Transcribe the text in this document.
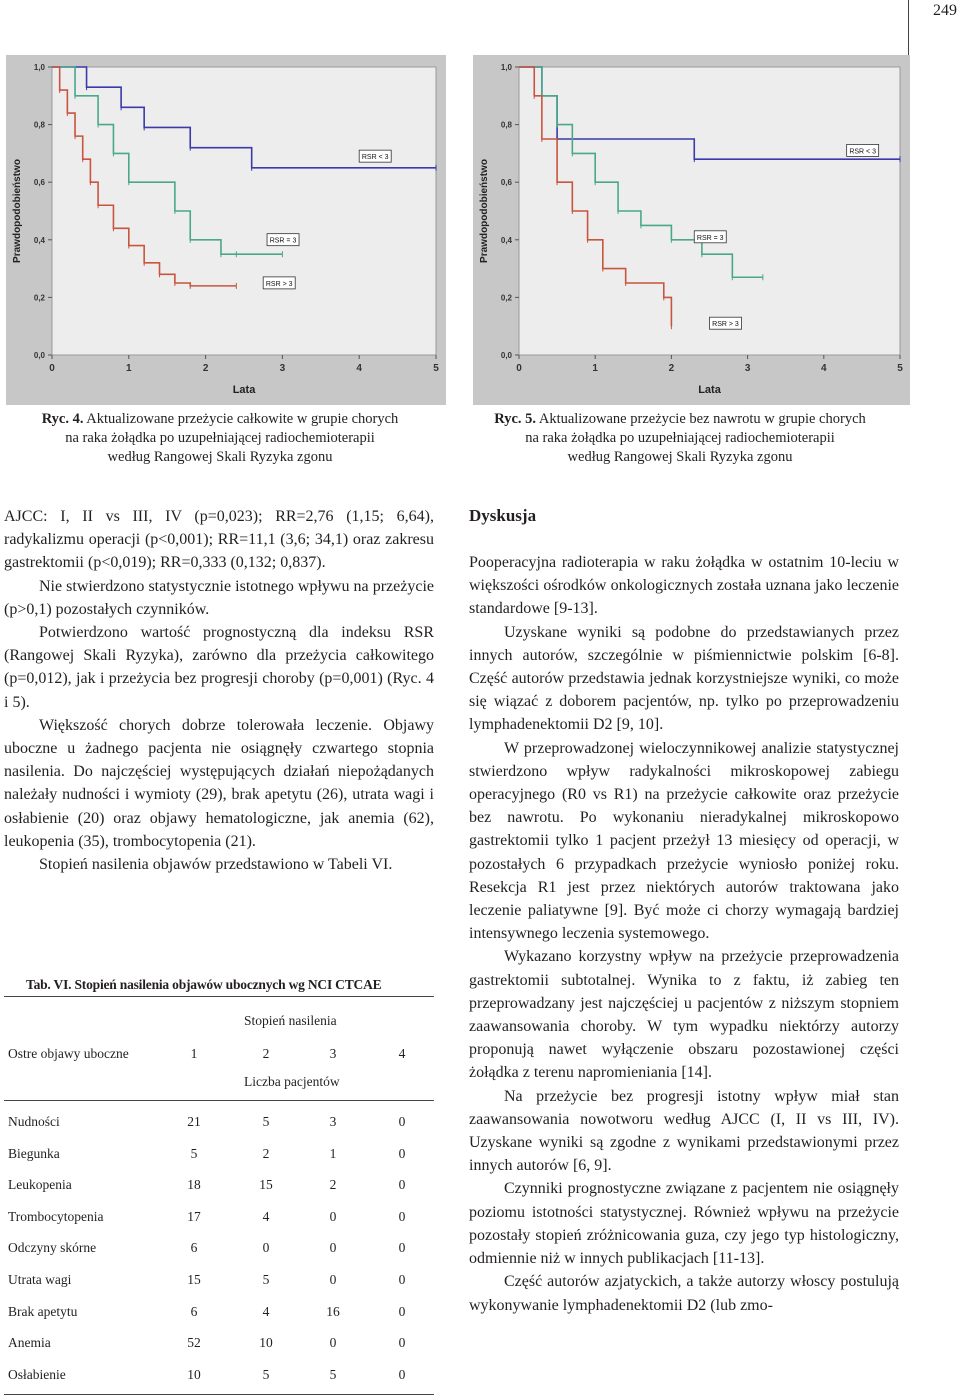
249
0,0
0,2
0,4
0,6
0,8
1,0
0	1	2	3	4	5
Lata
Prawdopodobieństwo
RSR < 3
RSR = 3
RSR > 3
0,0
0,2
0,4
0,6
0,8
1,0
0	1	2	3	4	5
Lata
Prawdopodobieństwo
RSR < 3
RSR = 3
RSR > 3
Ryc. 4. Aktualizowane przeżycie całkowite w grupie chorych
na raka żołądka po uzupełniającej radiochemioterapii
według Rangowej Skali Ryzyka zgonu
Ryc. 5. Aktualizowane przeżycie bez nawrotu w grupie chorych
na raka żołądka po uzupełniającej radiochemioterapii
według Rangowej Skali Ryzyka zgonu

AJCC: I, II vs III, IV (p=0,023); RR=2,76 (1,15; 6,64), radykalizmu operacji (p<0,001); RR=11,1 (3,6; 34,1) oraz zakresu gastrektomii (p<0,019); RR=0,333 (0,132; 0,837).

Nie stwierdzono statystycznie istotnego wpływu na przeżycie (p>0,1) pozostałych czynników.

Potwierdzono wartość prognostyczną dla indeksu RSR (Rangowej Skali Ryzyka), zarówno dla przeżycia całkowitego (p=0,012), jak i przeżycia bez progresji choroby (p=0,001) (Ryc. 4 i 5).

Większość chorych dobrze tolerowała leczenie. Objawy uboczne u żadnego pacjenta nie osiągnęły czwartego stopnia nasilenia. Do najczęściej występujących działań niepożądanych należały nudności i wymioty (29), brak apetytu (26), utrata wagi i osłabienie (20) oraz objawy hematologiczne, jak anemia (62), leukopenia (35), trombocytopenia (21).

Stopień nasilenia objawów przedstawiono w Tabeli VI.

Tab. VI. Stopień nasilenia objawów ubocznych wg NCI CTCAE
Stopień nasilenia
Ostre objawy uboczne	1	2	3	4
Liczba pacjentów
Nudności	21	5	3	0
Biegunka	5	2	1	0
Leukopenia	18	15	2	0
Trombocytopenia	17	4	0	0
Odczyny skórne	6	0	0	0
Utrata wagi	15	5	0	0
Brak apetytu	6	4	16	0
Anemia	52	10	0	0
Osłabienie	10	5	5	0
Dyskusja

Pooperacyjna radioterapia w raku żołądka w ostatnim 10-leciu w większości ośrodków onkologicznych została uznana jako leczenie standardowe [9-13].

Uzyskane wyniki są podobne do przedstawianych przez innych autorów, szczególnie w piśmiennictwie polskim [6-8]. Część autorów przedstawia jednak korzystniejsze wyniki, co może się wiązać z doborem pacjentów, np. tylko po przeprowadzeniu lymphadenektomii D2 [9, 10].

W przeprowadzonej wieloczynnikowej analizie statystycznej stwierdzono wpływ radykalności mikroskopowej zabiegu operacyjnego (R0 vs R1) na przeżycie całkowite oraz przeżycie bez nawrotu. Po wykonaniu nieradykalnej mikroskopowo gastrektomii tylko 1 pacjent przeżył 13 miesięcy od operacji, w pozostałych 6 przypadkach przeżycie wyniosło poniżej roku. Resekcja R1 jest przez niektórych autorów traktowana jako leczenie paliatywne [9]. Być może ci chorzy wymagają bardziej intensywnego leczenia systemowego.

Wykazano korzystny wpływ na przeżycie przeprowadzenia gastrektomii subtotalnej. Wynika to z faktu, iż zabieg ten przeprowadzany jest najczęściej u pacjentów z niższym stopniem zaawansowania choroby. W tym wypadku niektórzy autorzy proponują nawet wyłączenie obszaru pozostawionej części żołądka z terenu napromieniania [14].

Na przeżycie bez progresji istotny wpływ miał stan zaawansowania nowotworu według AJCC (I, II vs III, IV). Uzyskane wyniki są zgodne z wynikami przedstawionymi przez innych autorów [6, 9].

Czynniki prognostyczne związane z pacjentem nie osiągnęły poziomu istotności statystycznej. Również wpływu na przeżycie pozostały stopień zróżnicowania guza, czy jego typ histologiczny, odmiennie niż w innych publikacjach [11-13].

Część autorów azjatyckich, a także autorzy włoscy postulują wykonywanie lymphadenektomii D2 (lub zmo-
